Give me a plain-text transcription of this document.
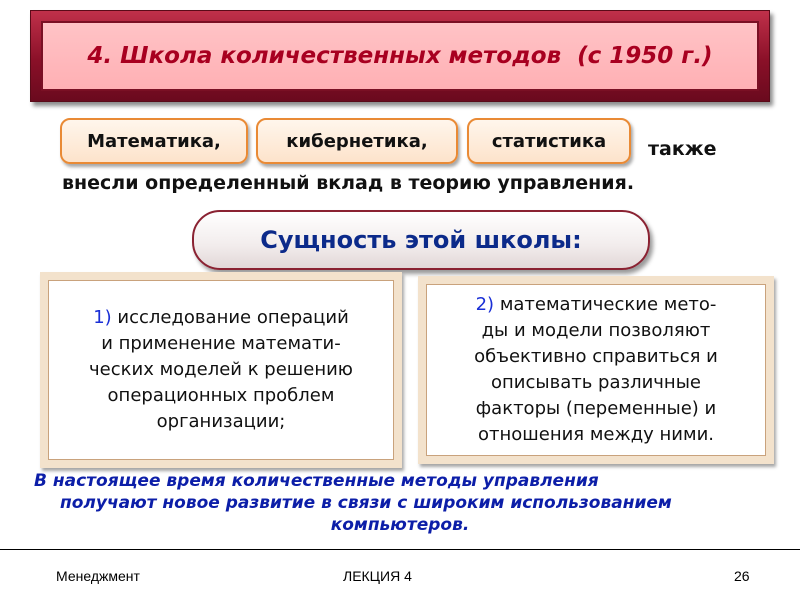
4. Школа количественных методов  (с 1950 г.)
Математика,	кибернетика,	статистика также
внесли определенный вклад в теорию управления.
Сущность этой школы:

1) исследование операций

и применение математи-

ческих моделей к решению

операционных проблем

организации;

2) математические мето-

ды и модели позволяют

объективно справиться и

описывать различные

факторы (переменные) и

отношения между ними.

В настоящее время количественные методы управления
получают новое развитие в связи с широким использованием
компьютеров.
Менеджмент	ЛЕКЦИЯ 4	26
